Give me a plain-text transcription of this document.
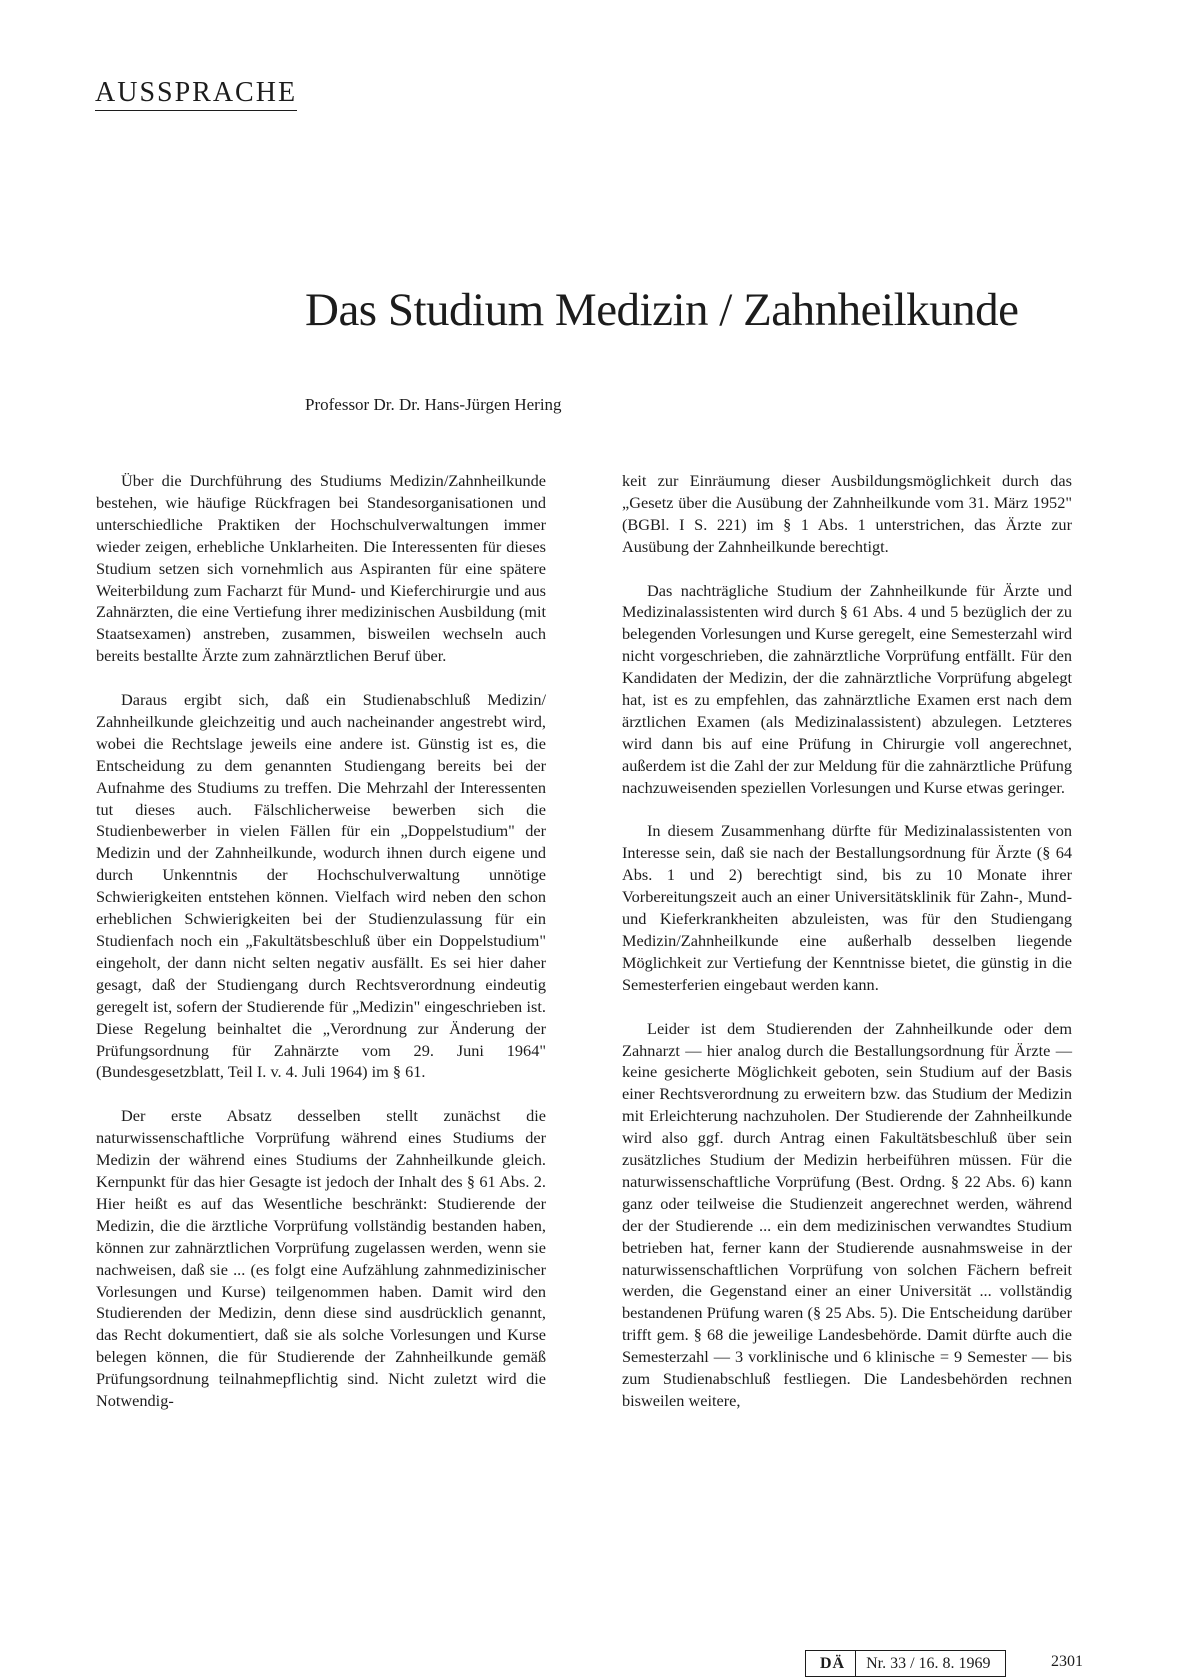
AUSSPRACHE
Das Studium Medizin / Zahnheilkunde
Professor Dr. Dr. Hans-Jürgen Hering

Über die Durchführung des Studiums Medizin/Zahnheilkunde bestehen, wie häufige Rückfragen bei Standesorganisationen und unterschiedliche Praktiken der Hochschulverwaltungen immer wieder zeigen, erhebliche Unklarheiten. Die Interessenten für dieses Studium setzen sich vornehmlich aus Aspiranten für eine spätere Weiterbildung zum Facharzt für Mund- und Kieferchirurgie und aus Zahnärzten, die eine Vertiefung ihrer medizinischen Ausbildung (mit Staatsexamen) anstreben, zusammen, bisweilen wechseln auch bereits bestallte Ärzte zum zahnärztlichen Beruf über.

Daraus ergibt sich, daß ein Studienabschluß Medizin/ Zahnheilkunde gleichzeitig und auch nacheinander angestrebt wird, wobei die Rechtslage jeweils eine andere ist. Günstig ist es, die Entscheidung zu dem genannten Studiengang bereits bei der Aufnahme des Studiums zu treffen. Die Mehrzahl der Interessenten tut dieses auch. Fälschlicherweise bewerben sich die Studienbewerber in vielen Fällen für ein „Doppelstudium" der Medizin und der Zahnheilkunde, wodurch ihnen durch eigene und durch Unkenntnis der Hochschulverwaltung unnötige Schwierigkeiten entstehen können. Vielfach wird neben den schon erheblichen Schwierigkeiten bei der Studienzulassung für ein Studienfach noch ein „Fakultätsbeschluß über ein Doppelstudium" eingeholt, der dann nicht selten negativ ausfällt. Es sei hier daher gesagt, daß der Studiengang durch Rechtsverordnung eindeutig geregelt ist, sofern der Studierende für „Medizin" eingeschrieben ist. Diese Regelung beinhaltet die „Verordnung zur Änderung der Prüfungsordnung für Zahnärzte vom 29. Juni 1964" (Bundesgesetzblatt, Teil I. v. 4. Juli 1964) im § 61.

Der erste Absatz desselben stellt zunächst die naturwissenschaftliche Vorprüfung während eines Studiums der Medizin der während eines Studiums der Zahnheilkunde gleich. Kernpunkt für das hier Gesagte ist jedoch der Inhalt des § 61 Abs. 2. Hier heißt es auf das Wesentliche beschränkt: Studierende der Medizin, die die ärztliche Vorprüfung vollständig bestanden haben, können zur zahnärztlichen Vorprüfung zugelassen werden, wenn sie nachweisen, daß sie ... (es folgt eine Aufzählung zahnmedizinischer Vorlesungen und Kurse) teilgenommen haben. Damit wird den Studierenden der Medizin, denn diese sind ausdrücklich genannt, das Recht dokumentiert, daß sie als solche Vorlesungen und Kurse belegen können, die für Studierende der Zahnheilkunde gemäß Prüfungsordnung teilnahmepflichtig sind. Nicht zuletzt wird die Notwendig-

keit zur Einräumung dieser Ausbildungsmöglichkeit durch das „Gesetz über die Ausübung der Zahnheilkunde vom 31. März 1952" (BGBl. I S. 221) im § 1 Abs. 1 unterstrichen, das Ärzte zur Ausübung der Zahnheilkunde berechtigt.

Das nachträgliche Studium der Zahnheilkunde für Ärzte und Medizinalassistenten wird durch § 61 Abs. 4 und 5 bezüglich der zu belegenden Vorlesungen und Kurse geregelt, eine Semesterzahl wird nicht vorgeschrieben, die zahnärztliche Vorprüfung entfällt. Für den Kandidaten der Medizin, der die zahnärztliche Vorprüfung abgelegt hat, ist es zu empfehlen, das zahnärztliche Examen erst nach dem ärztlichen Examen (als Medizinalassistent) abzulegen. Letzteres wird dann bis auf eine Prüfung in Chirurgie voll angerechnet, außerdem ist die Zahl der zur Meldung für die zahnärztliche Prüfung nachzuweisenden speziellen Vorlesungen und Kurse etwas geringer.

In diesem Zusammenhang dürfte für Medizinalassistenten von Interesse sein, daß sie nach der Bestallungsordnung für Ärzte (§ 64 Abs. 1 und 2) berechtigt sind, bis zu 10 Monate ihrer Vorbereitungszeit auch an einer Universitätsklinik für Zahn-, Mund- und Kieferkrankheiten abzuleisten, was für den Studiengang Medizin/Zahnheilkunde eine außerhalb desselben liegende Möglichkeit zur Vertiefung der Kenntnisse bietet, die günstig in die Semesterferien eingebaut werden kann.

Leider ist dem Studierenden der Zahnheilkunde oder dem Zahnarzt — hier analog durch die Bestallungsordnung für Ärzte — keine gesicherte Möglichkeit geboten, sein Studium auf der Basis einer Rechtsverordnung zu erweitern bzw. das Studium der Medizin mit Erleichterung nachzuholen. Der Studierende der Zahnheilkunde wird also ggf. durch Antrag einen Fakultätsbeschluß über sein zusätzliches Studium der Medizin herbeiführen müssen. Für die naturwissenschaftliche Vorprüfung (Best. Ordng. § 22 Abs. 6) kann ganz oder teilweise die Studienzeit angerechnet werden, während der der Studierende ... ein dem medizinischen verwandtes Studium betrieben hat, ferner kann der Studierende ausnahmsweise in der naturwissenschaftlichen Vorprüfung von solchen Fächern befreit werden, die Gegenstand einer an einer Universität ... vollständig bestandenen Prüfung waren (§ 25 Abs. 5). Die Entscheidung darüber trifft gem. § 68 die jeweilige Landesbehörde. Damit dürfte auch die Semesterzahl — 3 vorklinische und 6 klinische = 9 Semester — bis zum Studienabschluß festliegen. Die Landesbehörden rechnen bisweilen weitere,

DÄ	Nr. 33 / 16. 8. 1969	2301
